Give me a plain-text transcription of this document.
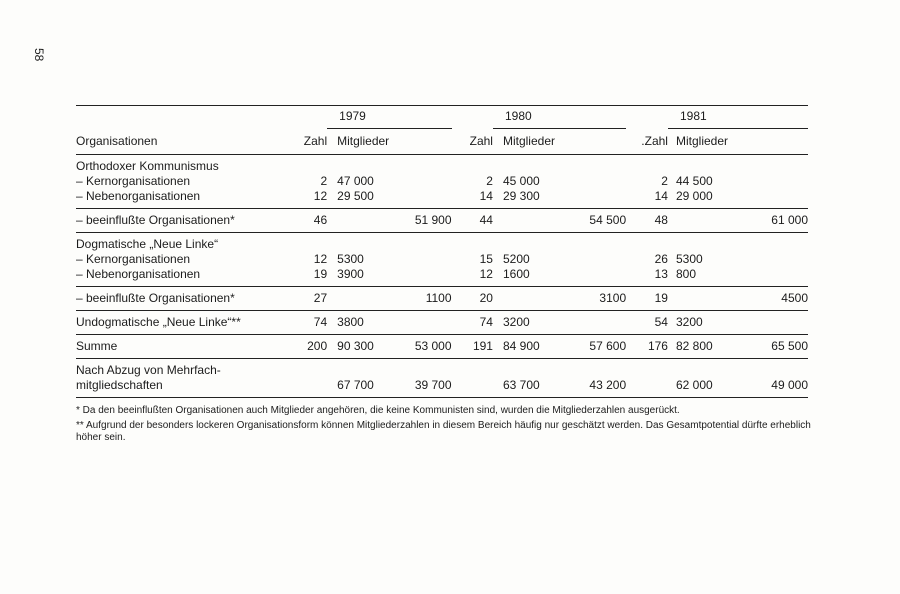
58
		1979			1980			1981	
Organisationen	Zahl	Mitglieder		Zahl	Mitglieder		.Zahl	Mitglieder	
Orthodoxer Kommunismus									
– Kernorganisationen	2	47 000		2	45 000		2	44 500	
– Nebenorganisationen	12	29 500		14	29 300		14	29 000	
– beeinflußte Organisationen*	46		51 900	44		54 500	48		61 000
Dogmatische „Neue Linke“									
– Kernorganisationen	12	5300		15	5200		26	5300	
– Nebenorganisationen	19	3900		12	1600		13	800	
– beeinflußte Organisationen*	27		1100	20		3100	19		4500
Undogmatische „Neue Linke“**	74	3800		74	3200		54	3200	
Summe	200	90 300	53 000	191	84 900	57 600	176	82 800	65 500
Nach Abzug von Mehrfach-									
mitgliedschaften		67 700	39 700		63 700	43 200		62 000	49 000
* Da den beeinflußten Organisationen auch Mitglieder angehören, die keine Kommunisten sind, wurden die Mitgliederzahlen ausgerückt.
** Aufgrund der besonders lockeren Organisationsform können Mitgliederzahlen in diesem Bereich häufig nur geschätzt werden. Das Gesamtpotential dürfte erheblich höher sein.
